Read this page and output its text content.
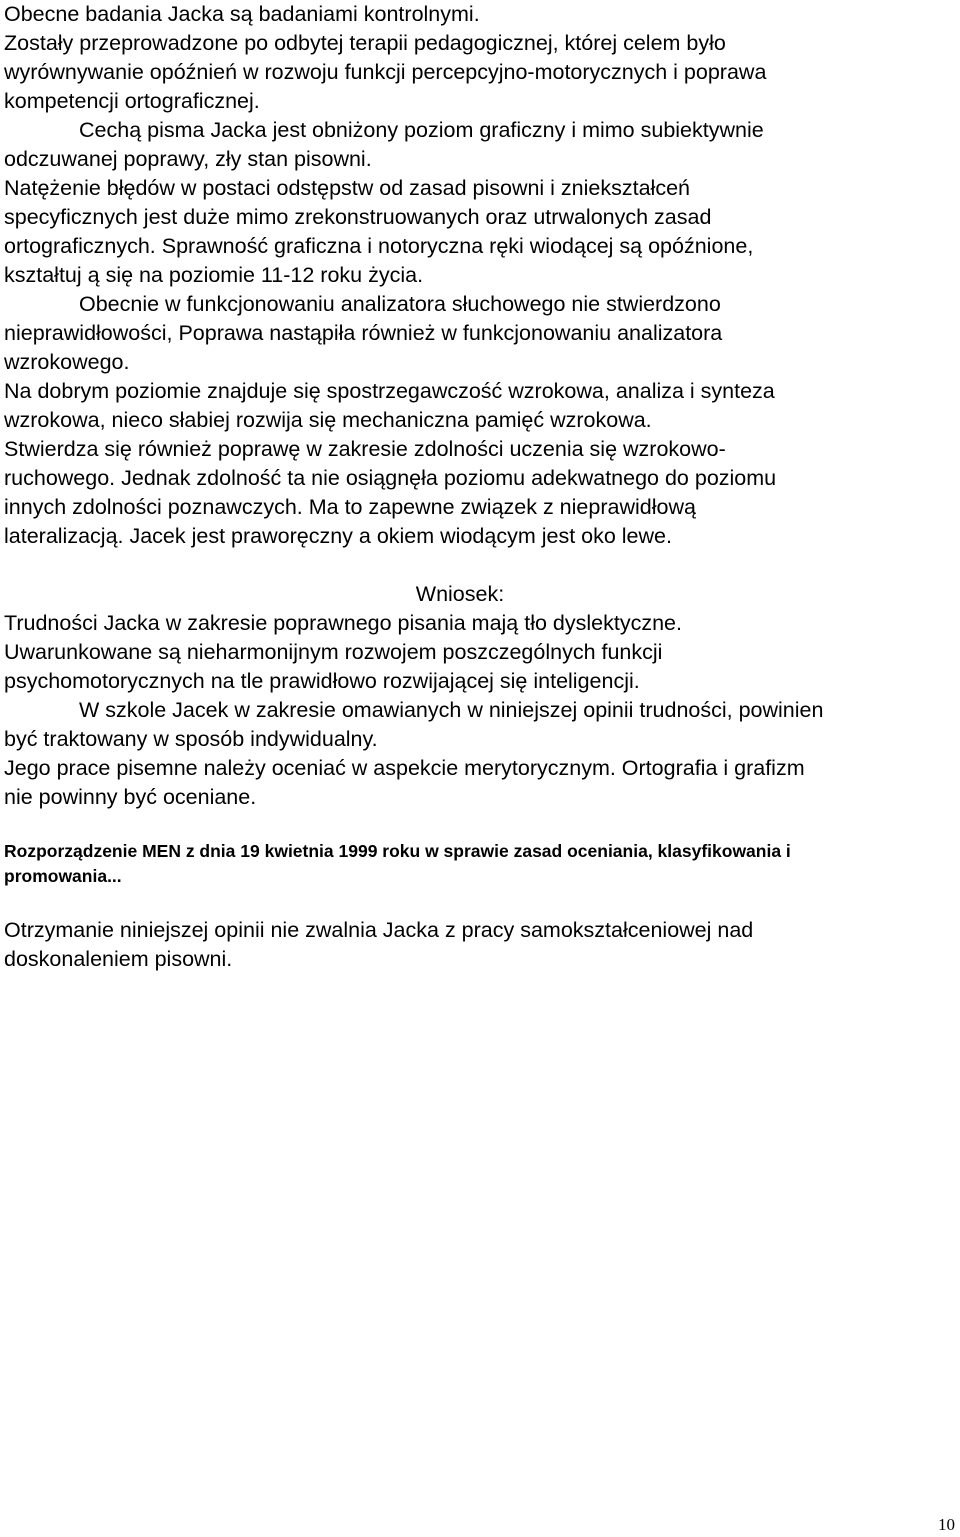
Obecne badania Jacka są badaniami kontrolnymi.
Zostały przeprowadzone po odbytej terapii pedagogicznej, której celem było
wyrównywanie opóźnień w rozwoju funkcji percepcyjno-motorycznych i poprawa
kompetencji ortograficznej.
Cechą pisma Jacka jest obniżony poziom graficzny i mimo subiektywnie
odczuwanej poprawy, zły stan pisowni.
Natężenie błędów w postaci odstępstw od zasad pisowni i zniekształceń
specyficznych jest duże mimo zrekonstruowanych oraz utrwalonych zasad
ortograficznych. Sprawność graficzna i notoryczna ręki wiodącej są opóźnione,
kształtuj ą się na poziomie 11-12 roku życia.
Obecnie w funkcjonowaniu analizatora słuchowego nie stwierdzono
nieprawidłowości, Poprawa nastąpiła również w funkcjonowaniu analizatora
wzrokowego.
Na dobrym poziomie znajduje się spostrzegawczość wzrokowa, analiza i synteza
wzrokowa, nieco słabiej rozwija się mechaniczna pamięć wzrokowa.
Stwierdza się również poprawę w zakresie zdolności uczenia się wzrokowo-
ruchowego. Jednak zdolność ta nie osiągnęła poziomu adekwatnego do poziomu
innych zdolności poznawczych. Ma to zapewne związek z nieprawidłową
lateralizacją. Jacek jest praworęczny a okiem wiodącym jest oko lewe.
Wniosek:
Trudności Jacka w zakresie poprawnego pisania mają tło dyslektyczne.
Uwarunkowane są nieharmonijnym rozwojem poszczególnych funkcji
psychomotorycznych na tle prawidłowo rozwijającej się inteligencji.
W szkole Jacek w zakresie omawianych w niniejszej opinii trudności, powinien
być traktowany w sposób indywidualny.
Jego prace pisemne należy oceniać w aspekcie merytorycznym. Ortografia i grafizm
nie powinny być oceniane.
Rozporządzenie MEN z dnia 19 kwietnia 1999 roku w sprawie zasad oceniania, klasyfikowania i
promowania...
Otrzymanie niniejszej opinii nie zwalnia Jacka z pracy samokształceniowej nad
doskonaleniem pisowni.
10
